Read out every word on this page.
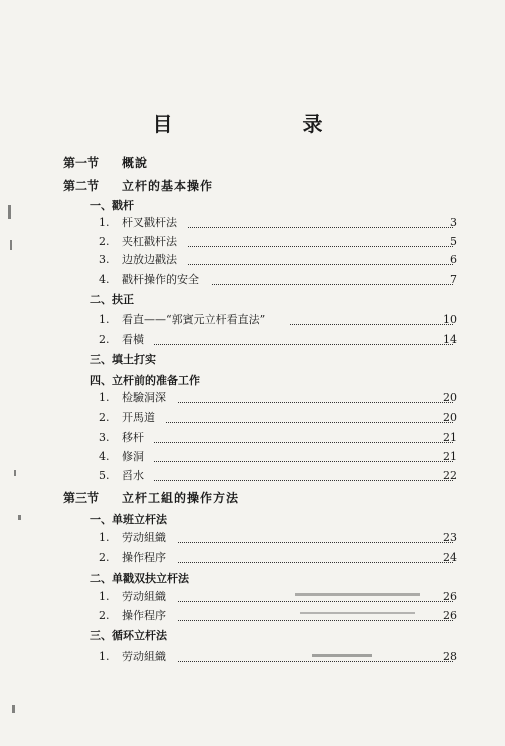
目　　录
第一节 概說
第二节 立杆的基本操作
一、戳杆
1.	杆叉戳杆法	3
2.	夹杠戳杆法	5
3.	边放边戳法	6
4.	戳杆操作的安全	7
二、扶正
1.	看直——“郭賓元立杆看直法”	10
2.	看橫	14
三、填土打实
四、立杆前的准备工作
1.	检驗洞深	20
2.	开馬道	20
3.	移杆	21
4.	修洞	21
5.	舀水	22
第三节 立杆工組的操作方法
一、单班立杆法
1.	劳动組織	23
2.	操作程序	24
二、单戳双扶立杆法
1.	劳动組織	26
2.	操作程序	26
三、循环立杆法
1.	劳动組織	28
